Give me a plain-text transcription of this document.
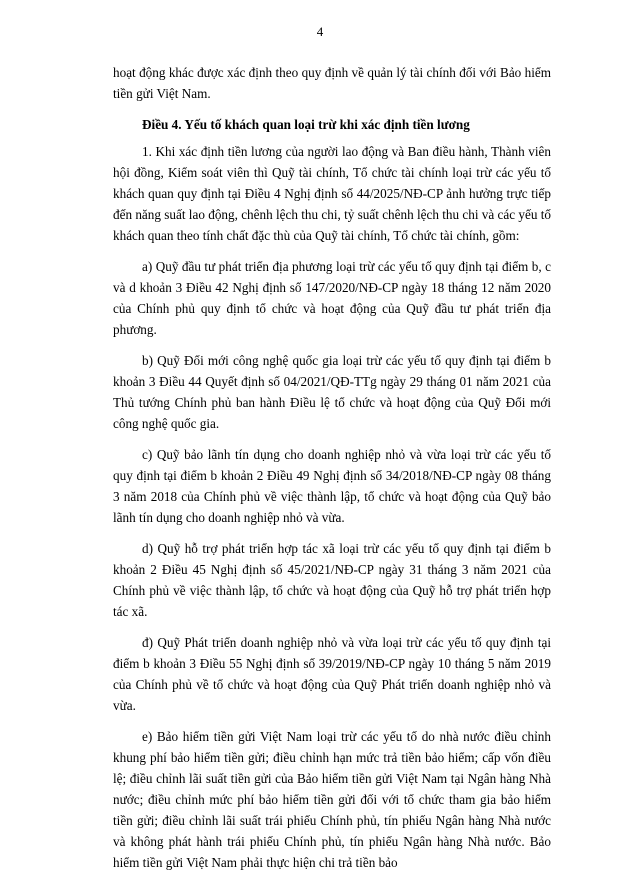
4

hoạt động khác được xác định theo quy định về quản lý tài chính đối với Bảo hiểm tiền gửi Việt Nam.

Điều 4. Yếu tố khách quan loại trừ khi xác định tiền lương

1. Khi xác định tiền lương của người lao động và Ban điều hành, Thành viên hội đồng, Kiểm soát viên thì Quỹ tài chính, Tổ chức tài chính loại trừ các yếu tố khách quan quy định tại Điều 4 Nghị định số 44/2025/NĐ-CP ảnh hưởng trực tiếp đến năng suất lao động, chênh lệch thu chi, tỷ suất chênh lệch thu chi và các yếu tố khách quan theo tính chất đặc thù của Quỹ tài chính, Tổ chức tài chính, gồm:

a) Quỹ đầu tư phát triển địa phương loại trừ các yếu tố quy định tại điểm b, c và d khoản 3 Điều 42 Nghị định số 147/2020/NĐ-CP ngày 18 tháng 12 năm 2020 của Chính phủ quy định tổ chức và hoạt động của Quỹ đầu tư phát triển địa phương.

b) Quỹ Đổi mới công nghệ quốc gia loại trừ các yếu tố quy định tại điểm b khoản 3 Điều 44 Quyết định số 04/2021/QĐ-TTg ngày 29 tháng 01 năm 2021 của Thủ tướng Chính phủ ban hành Điều lệ tổ chức và hoạt động của Quỹ Đổi mới công nghệ quốc gia.

c) Quỹ bảo lãnh tín dụng cho doanh nghiệp nhỏ và vừa loại trừ các yếu tố quy định tại điểm b khoản 2 Điều 49 Nghị định số 34/2018/NĐ-CP ngày 08 tháng 3 năm 2018 của Chính phủ về việc thành lập, tổ chức và hoạt động của Quỹ bảo lãnh tín dụng cho doanh nghiệp nhỏ và vừa.

d) Quỹ hỗ trợ phát triển hợp tác xã loại trừ các yếu tố quy định tại điểm b khoản 2 Điều 45 Nghị định số 45/2021/NĐ-CP ngày 31 tháng 3 năm 2021 của Chính phủ về việc thành lập, tổ chức và hoạt động của Quỹ hỗ trợ phát triển hợp tác xã.

đ) Quỹ Phát triển doanh nghiệp nhỏ và vừa loại trừ các yếu tố quy định tại điểm b khoản 3 Điều 55 Nghị định số 39/2019/NĐ-CP ngày 10 tháng 5 năm 2019 của Chính phủ về tổ chức và hoạt động của Quỹ Phát triển doanh nghiệp nhỏ và vừa.

e) Bảo hiểm tiền gửi Việt Nam loại trừ các yếu tố do nhà nước điều chỉnh khung phí bảo hiểm tiền gửi; điều chỉnh hạn mức trả tiền bảo hiểm; cấp vốn điều lệ; điều chỉnh lãi suất tiền gửi của Bảo hiểm tiền gửi Việt Nam tại Ngân hàng Nhà nước; điều chỉnh mức phí bảo hiểm tiền gửi đối với tổ chức tham gia bảo hiểm tiền gửi; điều chỉnh lãi suất trái phiếu Chính phủ, tín phiếu Ngân hàng Nhà nước và không phát hành trái phiếu Chính phủ, tín phiếu Ngân hàng Nhà nước. Bảo hiểm tiền gửi Việt Nam phải thực hiện chi trả tiền bảo
